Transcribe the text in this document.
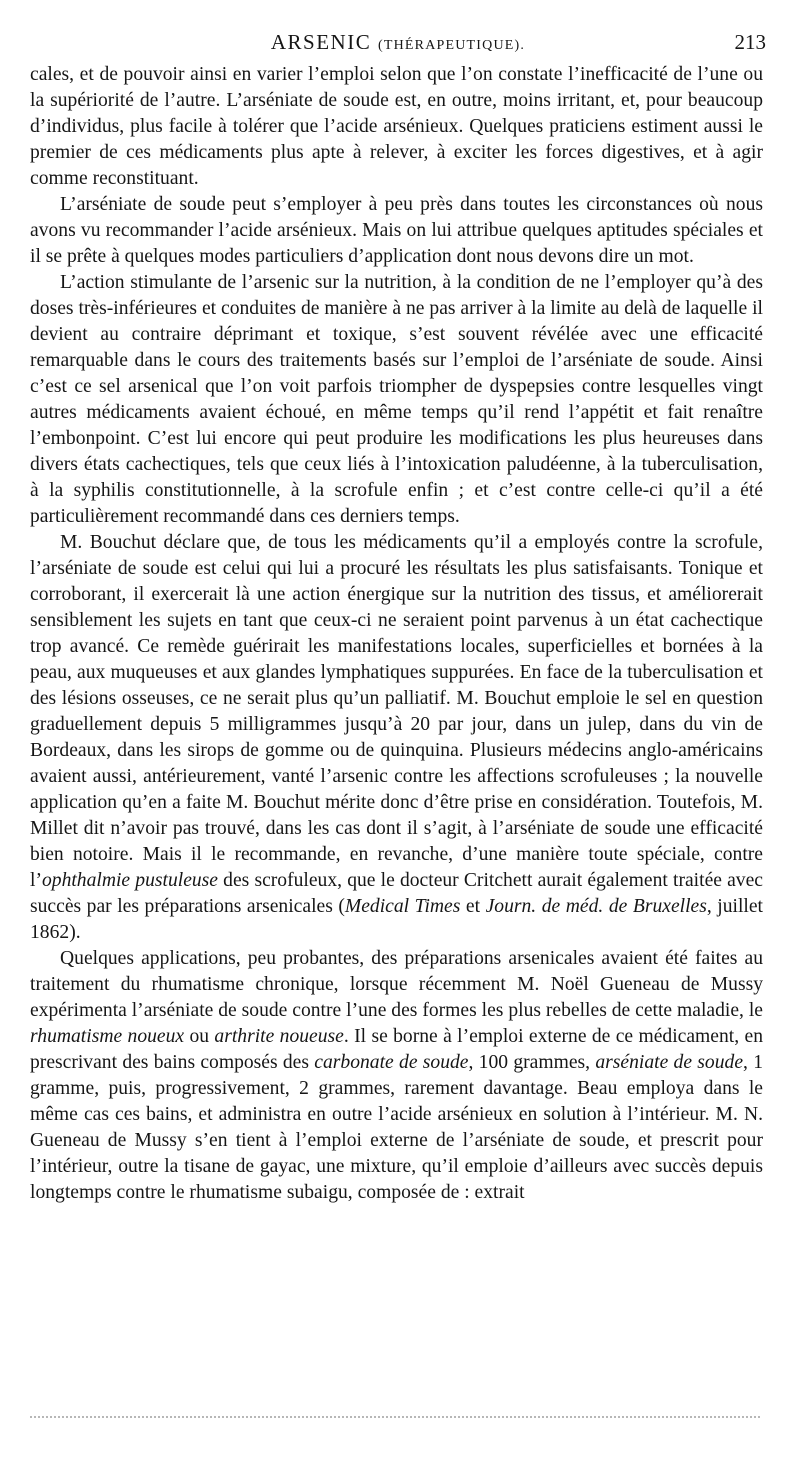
ARSENIC (THÉRAPEUTIQUE).	213

cales, et de pouvoir ainsi en varier l’emploi selon que l’on constate l’inefficacité de l’une ou la supériorité de l’autre. L’arséniate de soude est, en outre, moins irritant, et, pour beaucoup d’individus, plus facile à tolérer que l’acide arsénieux. Quelques praticiens estiment aussi le premier de ces médicaments plus apte à relever, à exciter les forces digestives, et à agir comme reconstituant.

L’arséniate de soude peut s’employer à peu près dans toutes les circonstances où nous avons vu recommander l’acide arsénieux. Mais on lui attribue quelques aptitudes spéciales et il se prête à quelques modes particuliers d’application dont nous devons dire un mot.

L’action stimulante de l’arsenic sur la nutrition, à la condition de ne l’employer qu’à des doses très-inférieures et conduites de manière à ne pas arriver à la limite au delà de laquelle il devient au contraire déprimant et toxique, s’est souvent révélée avec une efficacité remarquable dans le cours des traitements basés sur l’emploi de l’arséniate de soude. Ainsi c’est ce sel arsenical que l’on voit parfois triompher de dyspepsies contre lesquelles vingt autres médicaments avaient échoué, en même temps qu’il rend l’appétit et fait renaître l’embonpoint. C’est lui encore qui peut produire les modifications les plus heureuses dans divers états cachectiques, tels que ceux liés à l’intoxication paludéenne, à la tuberculisation, à la syphilis constitutionnelle, à la scrofule enfin ; et c’est contre celle-ci qu’il a été particulièrement recommandé dans ces derniers temps.

M. Bouchut déclare que, de tous les médicaments qu’il a employés contre la scrofule, l’arséniate de soude est celui qui lui a procuré les résultats les plus satisfaisants. Tonique et corroborant, il exercerait là une action énergique sur la nutrition des tissus, et améliorerait sensiblement les sujets en tant que ceux-ci ne seraient point parvenus à un état cachectique trop avancé. Ce remède guérirait les manifestations locales, superficielles et bornées à la peau, aux muqueuses et aux glandes lymphatiques suppurées. En face de la tuberculisation et des lésions osseuses, ce ne serait plus qu’un palliatif. M. Bouchut emploie le sel en question graduellement depuis 5 milligrammes jusqu’à 20 par jour, dans un julep, dans du vin de Bordeaux, dans les sirops de gomme ou de quinquina. Plusieurs médecins anglo-américains avaient aussi, antérieurement, vanté l’arsenic contre les affections scrofuleuses ; la nouvelle application qu’en a faite M. Bouchut mérite donc d’être prise en considération. Toutefois, M. Millet dit n’avoir pas trouvé, dans les cas dont il s’agit, à l’arséniate de soude une efficacité bien notoire. Mais il le recommande, en revanche, d’une manière toute spéciale, contre l’ophthalmie pustuleuse des scrofuleux, que le docteur Critchett aurait également traitée avec succès par les préparations arsenicales (Medical Times et Journ. de méd. de Bruxelles, juillet 1862).

Quelques applications, peu probantes, des préparations arsenicales avaient été faites au traitement du rhumatisme chronique, lorsque récemment M. Noël Gueneau de Mussy expérimenta l’arséniate de soude contre l’une des formes les plus rebelles de cette maladie, le rhumatisme noueux ou arthrite noueuse. Il se borne à l’emploi externe de ce médicament, en prescrivant des bains composés des carbonate de soude, 100 grammes, arséniate de soude, 1 gramme, puis, progressivement, 2 grammes, rarement davantage. Beau employa dans le même cas ces bains, et administra en outre l’acide arsénieux en solution à l’intérieur. M. N. Gueneau de Mussy s’en tient à l’emploi externe de l’arséniate de soude, et prescrit pour l’intérieur, outre la tisane de gayac, une mixture, qu’il emploie d’ailleurs avec succès depuis longtemps contre le rhumatisme subaigu, composée de : extrait
